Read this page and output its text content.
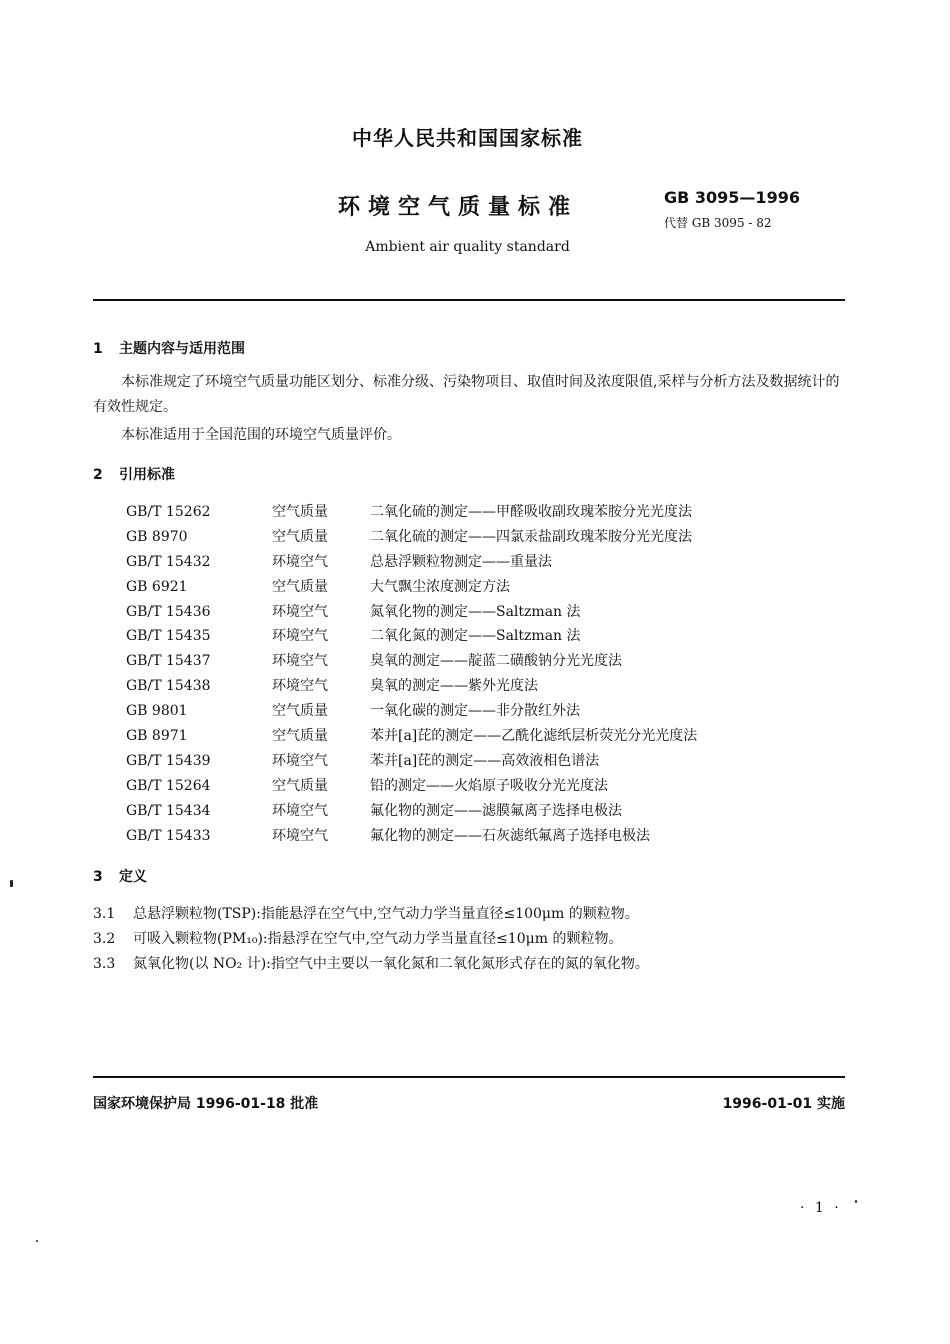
中华人民共和国国家标准
环境空气质量标准	GB 3095—1996
代替 GB 3095 - 82
Ambient air quality standard
1 主题内容与适用范围
本标准规定了环境空气质量功能区划分、标准分级、污染物项目、取值时间及浓度限值,采样与分析方法及数据统计的有效性规定。
本标准适用于全国范围的环境空气质量评价。
2 引用标准
GB/T 15262	空气质量	二氧化硫的测定——甲醛吸收副玫瑰苯胺分光光度法
GB 8970	空气质量	二氧化硫的测定——四氯汞盐副玫瑰苯胺分光光度法
GB/T 15432	环境空气	总悬浮颗粒物测定——重量法
GB 6921	空气质量	大气飘尘浓度测定方法
GB/T 15436	环境空气	氮氧化物的测定——Saltzman 法
GB/T 15435	环境空气	二氧化氮的测定——Saltzman 法
GB/T 15437	环境空气	臭氧的测定——靛蓝二磺酸钠分光光度法
GB/T 15438	环境空气	臭氧的测定——紫外光度法
GB 9801	空气质量	一氧化碳的测定——非分散红外法
GB 8971	空气质量	苯并[a]芘的测定——乙酰化滤纸层析荧光分光光度法
GB/T 15439	环境空气	苯并[a]芘的测定——高效液相色谱法
GB/T 15264	空气质量	铅的测定——火焰原子吸收分光光度法
GB/T 15434	环境空气	氟化物的测定——滤膜氟离子选择电极法
GB/T 15433	环境空气	氟化物的测定——石灰滤纸氟离子选择电极法
3 定义
3.1 总悬浮颗粒物(TSP):指能悬浮在空气中,空气动力学当量直径≤100μm 的颗粒物。
3.2 可吸入颗粒物(PM₁₀):指悬浮在空气中,空气动力学当量直径≤10μm 的颗粒物。
3.3 氮氧化物(以 NO₂ 计):指空气中主要以一氧化氮和二氧化氮形式存在的氮的氧化物。
国家环境保护局 1996-01-18 批准	1996-01-01 实施
· 1 ·
